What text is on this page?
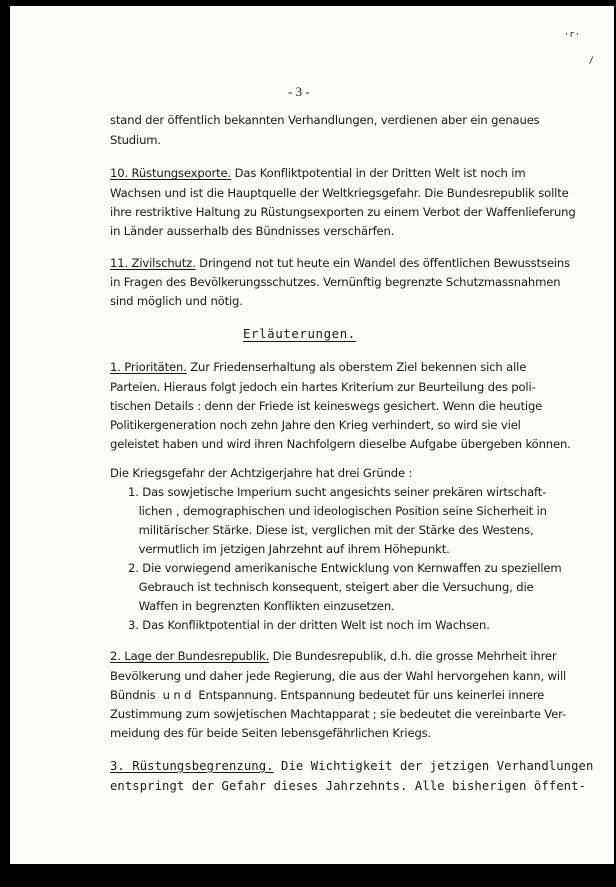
·r·
/
- 3 -
stand der öffentlich bekannten Verhandlungen, verdienen aber ein genaues
Studium.
10. Rüstungsexporte. Das Konfliktpotential in der Dritten Welt ist noch im
Wachsen und ist die Hauptquelle der Weltkriegsgefahr. Die Bundesrepublik sollte
ihre restriktive Haltung zu Rüstungsexporten zu einem Verbot der Waffenlieferung
in Länder ausserhalb des Bündnisses verschärfen.
11. Zivilschutz. Dringend not tut heute ein Wandel des öffentlichen Bewusstseins
in Fragen des Bevölkerungsschutzes. Vernünftig begrenzte Schutzmassnahmen
sind möglich und nötig.
Erläuterungen.
1. Prioritäten. Zur Friedenserhaltung als oberstem Ziel bekennen sich alle
Parteien. Hieraus folgt jedoch ein hartes Kriterium zur Beurteilung des poli-
tischen Details : denn der Friede ist keineswegs gesichert. Wenn die heutige
Politikergeneration noch zehn Jahre den Krieg verhindert, so wird sie viel
geleistet haben und wird ihren Nachfolgern dieselbe Aufgabe übergeben können.
Die Kriegsgefahr der Achtzigerjahre hat drei Gründe :
1. Das sowjetische Imperium sucht angesichts seiner prekären wirtschaft-
lichen , demographischen und ideologischen Position seine Sicherheit in
militärischer Stärke. Diese ist, verglichen mit der Stärke des Westens,
vermutlich im jetzigen Jahrzehnt auf ihrem Höhepunkt.
2. Die vorwiegend amerikanische Entwicklung von Kernwaffen zu speziellem
Gebrauch ist technisch konsequent, steigert aber die Versuchung, die
Waffen in begrenzten Konflikten einzusetzen.
3. Das Konfliktpotential in der dritten Welt ist noch im Wachsen.
2. Lage der Bundesrepublik. Die Bundesrepublik, d.h. die grosse Mehrheit ihrer
Bevölkerung und daher jede Regierung, die aus der Wahl hervorgehen kann, will
Bündnis  u n d  Entspannung. Entspannung bedeutet für uns keinerlei innere
Zustimmung zum sowjetischen Machtapparat ; sie bedeutet die vereinbarte Ver-
meidung des für beide Seiten lebensgefährlichen Kriegs.
3. Rüstungsbegrenzung. Die Wichtigkeit der jetzigen Verhandlungen
entspringt der Gefahr dieses Jahrzehnts. Alle bisherigen öffent-
